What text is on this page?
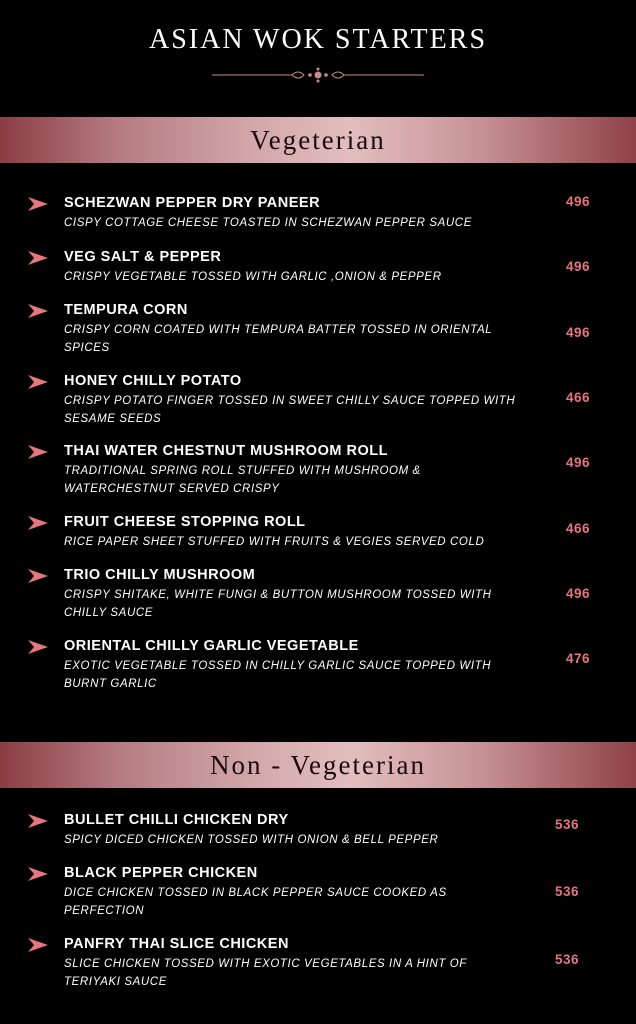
ASIAN WOK STARTERS
Vegeterian
SCHEZWAN PEPPER DRY PANEER
CISPY COTTAGE CHEESE TOASTED IN SCHEZWAN PEPPER SAUCE
496
VEG SALT & PEPPER
CRISPY VEGETABLE TOSSED WITH GARLIC ,ONION & PEPPER
496
TEMPURA CORN
CRISPY CORN COATED WITH TEMPURA BATTER TOSSED IN ORIENTAL SPICES
496
HONEY CHILLY POTATO
CRISPY POTATO FINGER TOSSED IN SWEET CHILLY SAUCE TOPPED WITH SESAME SEEDS
466
THAI WATER CHESTNUT MUSHROOM ROLL
TRADITIONAL SPRING ROLL STUFFED WITH MUSHROOM & WATERCHESTNUT SERVED CRISPY
496
FRUIT CHEESE STOPPING ROLL
RICE PAPER SHEET STUFFED WITH FRUITS & VEGIES SERVED COLD
466
TRIO CHILLY MUSHROOM
CRISPY SHITAKE, WHITE FUNGI & BUTTON MUSHROOM TOSSED WITH CHILLY SAUCE
496
ORIENTAL CHILLY GARLIC VEGETABLE
EXOTIC VEGETABLE TOSSED IN CHILLY GARLIC SAUCE TOPPED WITH BURNT GARLIC
476
Non - Vegeterian
BULLET CHILLI CHICKEN DRY
SPICY DICED CHICKEN TOSSED WITH ONION & BELL PEPPER
536
BLACK PEPPER CHICKEN
DICE CHICKEN TOSSED IN BLACK PEPPER SAUCE COOKED AS PERFECTION
536
PANFRY THAI SLICE CHICKEN
SLICE CHICKEN TOSSED WITH EXOTIC VEGETABLES IN A HINT OF TERIYAKI SAUCE
536
